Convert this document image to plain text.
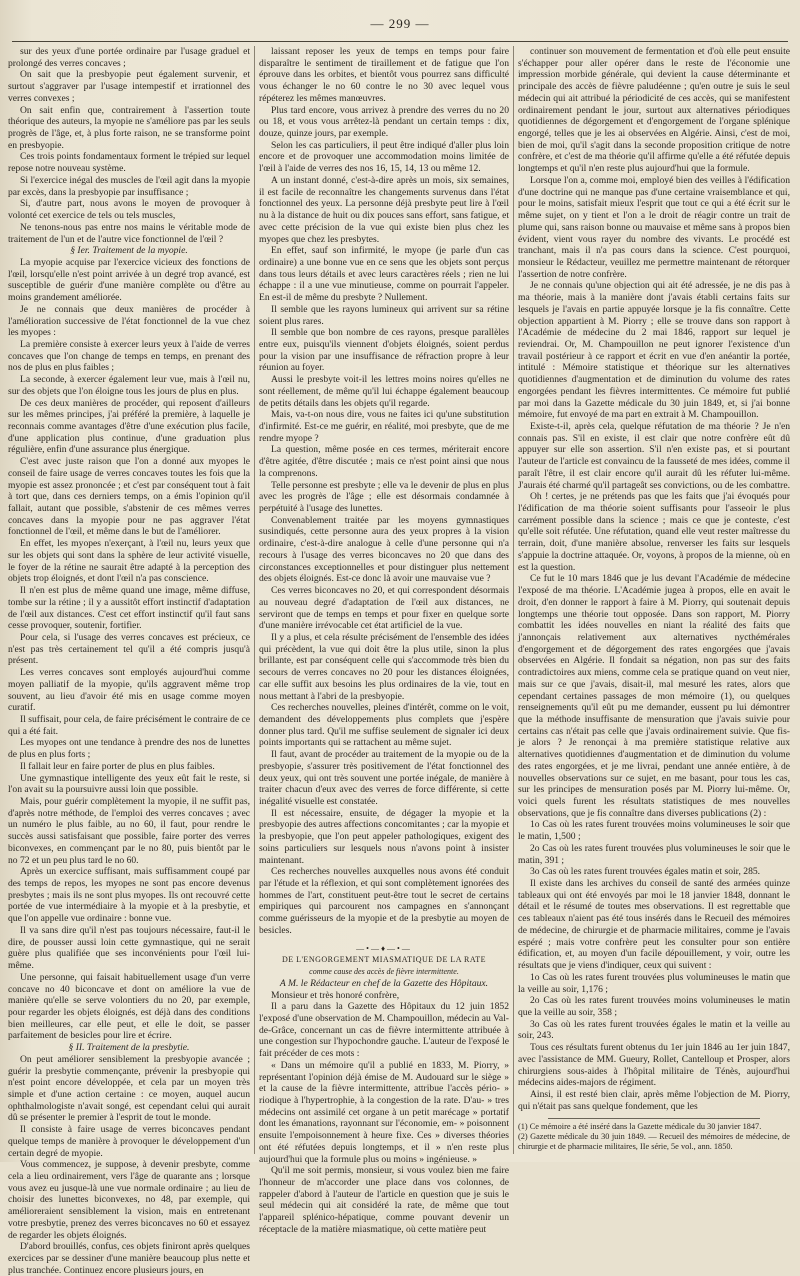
— 299 —

sur des yeux d'une portée ordinaire par l'usage graduel et prolongé des verres concaves ;

On sait que la presbyopie peut également survenir, et surtout s'aggraver par l'usage intempestif et irrationnel des verres convexes ;

On sait enfin que, contrairement à l'assertion toute théorique des auteurs, la myopie ne s'améliore pas par les seuls progrès de l'âge, et, à plus forte raison, ne se transforme point en presbyopie.

Ces trois points fondamentaux forment le trépied sur lequel repose notre nouveau système.

Si l'exercice inégal des muscles de l'œil agit dans la myopie par excès, dans la presbyopie par insuffisance ;

Si, d'autre part, nous avons le moyen de provoquer à volonté cet exercice de tels ou tels muscles,

Ne tenons-nous pas entre nos mains le véritable mode de traitement de l'un et de l'autre vice fonctionnel de l'œil ?

§ Ier. Traitement de la myopie.

La myopie acquise par l'exercice vicieux des fonctions de l'œil, lorsqu'elle n'est point arrivée à un degré trop avancé, est susceptible de guérir d'une manière complète ou d'être au moins grandement améliorée.

Je ne connais que deux manières de procéder à l'amélioration successive de l'état fonctionnel de la vue chez les myopes :

La première consiste à exercer leurs yeux à l'aide de verres concaves que l'on change de temps en temps, en prenant des nos de plus en plus faibles ;

La seconde, à exercer également leur vue, mais à l'œil nu, sur des objets que l'on éloigne tous les jours de plus en plus.

De ces deux manières de procéder, qui reposent d'ailleurs sur les mêmes principes, j'ai préféré la première, à laquelle je reconnais comme avantages d'être d'une exécution plus facile, d'une application plus continue, d'une graduation plus régulière, enfin d'une assurance plus énergique.

C'est avec juste raison que l'on a donné aux myopes le conseil de faire usage de verres concaves toutes les fois que la myopie est assez prononcée ; et c'est par conséquent tout à fait à tort que, dans ces derniers temps, on a émis l'opinion qu'il fallait, autant que possible, s'abstenir de ces mêmes verres concaves dans la myopie pour ne pas aggraver l'état fonctionnel de l'œil, et même dans le but de l'améliorer.

En effet, les myopes n'exerçant, à l'œil nu, leurs yeux que sur les objets qui sont dans la sphère de leur activité visuelle, le foyer de la rétine ne saurait être adapté à la perception des objets trop éloignés, et dont l'œil n'a pas conscience.

Il n'en est plus de même quand une image, même diffuse, tombe sur la rétine ; il y a aussitôt effort instinctif d'adaptation de l'œil aux distances. C'est cet effort instinctif qu'il faut sans cesse provoquer, soutenir, fortifier.

Pour cela, si l'usage des verres concaves est précieux, ce n'est pas très certainement tel qu'il a été compris jusqu'à présent.

Les verres concaves sont employés aujourd'hui comme moyen palliatif de la myopie, qu'ils aggravent même trop souvent, au lieu d'avoir été mis en usage comme moyen curatif.

Il suffisait, pour cela, de faire précisément le contraire de ce qui a été fait.

Les myopes ont une tendance à prendre des nos de lunettes de plus en plus forts ;

Il fallait leur en faire porter de plus en plus faibles.

Une gymnastique intelligente des yeux eût fait le reste, si l'on avait su la poursuivre aussi loin que possible.

Mais, pour guérir complètement la myopie, il ne suffit pas, d'après notre méthode, de l'emploi des verres concaves ; avec un numéro le plus faible, au no 60, il faut, pour rendre le succès aussi satisfaisant que possible, faire porter des verres biconvexes, en commençant par le no 80, puis bientôt par le no 72 et un peu plus tard le no 60.

Après un exercice suffisant, mais suffisamment coupé par des temps de repos, les myopes ne sont pas encore devenus presbytes ; mais ils ne sont plus myopes. Ils ont recouvré cette portée de vue intermédiaire à la myopie et à la presbytie, et que l'on appelle vue ordinaire : bonne vue.

Il va sans dire qu'il n'est pas toujours nécessaire, faut-il le dire, de pousser aussi loin cette gymnastique, qui ne serait guère plus qualifiée que ses inconvénients pour l'œil lui-même.

Une personne, qui faisait habituellement usage d'un verre concave no 40 biconcave et dont on améliore la vue de manière qu'elle se serve volontiers du no 20, par exemple, pour regarder les objets éloignés, est déjà dans des conditions bien meilleures, car elle peut, et elle le doit, se passer parfaitement de besicles pour lire et écrire.

§ II. Traitement de la presbytie.

On peut améliorer sensiblement la presbyopie avancée ; guérir la presbytie commençante, prévenir la presbyopie qui n'est point encore développée, et cela par un moyen très simple et d'une action certaine : ce moyen, auquel aucun ophthalmologiste n'avait songé, est cependant celui qui aurait dû se présenter le premier à l'esprit de tout le monde.

Il consiste à faire usage de verres biconcaves pendant quelque temps de manière à provoquer le développement d'un certain degré de myopie.

Vous commencez, je suppose, à devenir presbyte, comme cela a lieu ordinairement, vers l'âge de quarante ans ; lorsque vous avez eu jusque-là une vue normale ordinaire ; au lieu de choisir des lunettes biconvexes, no 48, par exemple, qui amélioreraient sensiblement la vision, mais en entretenant votre presbytie, prenez des verres biconcaves no 60 et essayez de regarder les objets éloignés.

D'abord brouillés, confus, ces objets finiront après quelques exercices par se dessiner d'une manière beaucoup plus nette et plus tranchée. Continuez encore plusieurs jours, en

laissant reposer les yeux de temps en temps pour faire disparaître le sentiment de tiraillement et de fatigue que l'on éprouve dans les orbites, et bientôt vous pourrez sans difficulté vous échanger le no 60 contre le no 30 avec lequel vous répéterez les mêmes manœuvres.

Plus tard encore, vous arrivez à prendre des verres du no 20 ou 18, et vous vous arrêtez-là pendant un certain temps : dix, douze, quinze jours, par exemple.

Selon les cas particuliers, il peut être indiqué d'aller plus loin encore et de provoquer une accommodation moins limitée de l'œil à l'aide de verres des nos 16, 15, 14, 13 ou même 12.

A un instant donné, c'est-à-dire après un mois, six semaines, il est facile de reconnaître les changements survenus dans l'état fonctionnel des yeux. La personne déjà presbyte peut lire à l'œil nu à la distance de huit ou dix pouces sans effort, sans fatigue, et avec cette précision de la vue qui existe bien plus chez les myopes que chez les presbytes.

En effet, sauf son infirmité, le myope (je parle d'un cas ordinaire) a une bonne vue en ce sens que les objets sont perçus dans tous leurs détails et avec leurs caractères réels ; rien ne lui échappe : il a une vue minutieuse, comme on pourrait l'appeler. En est-il de même du presbyte ? Nullement.

Il semble que les rayons lumineux qui arrivent sur sa rétine soient plus rares.

Il semble que bon nombre de ces rayons, presque parallèles entre eux, puisqu'ils viennent d'objets éloignés, soient perdus pour la vision par une insuffisance de réfraction propre à leur réunion au foyer.

Aussi le presbyte voit-il les lettres moins noires qu'elles ne sont réellement, de même qu'il lui échappe également beaucoup de petits détails dans les objets qu'il regarde.

Mais, va-t-on nous dire, vous ne faites ici qu'une substitution d'infirmité. Est-ce me guérir, en réalité, moi presbyte, que de me rendre myope ?

La question, même posée en ces termes, mériterait encore d'être agitée, d'être discutée ; mais ce n'est point ainsi que nous la comprenons.

Telle personne est presbyte ; elle va le devenir de plus en plus avec les progrès de l'âge ; elle est désormais condamnée à perpétuité à l'usage des lunettes.

Convenablement traitée par les moyens gymnastiques susindiqués, cette personne aura des yeux propres à la vision ordinaire, c'est-à-dire analogue à celle d'une personne qui n'a recours à l'usage des verres biconcaves no 20 que dans des circonstances exceptionnelles et pour distinguer plus nettement des objets éloignés. Est-ce donc là avoir une mauvaise vue ?

Ces verres biconcaves no 20, et qui correspondent désormais au nouveau degré d'adaptation de l'œil aux distances, ne serviront que de temps en temps et pour fixer en quelque sorte d'une manière irrévocable cet état artificiel de la vue.

Il y a plus, et cela résulte précisément de l'ensemble des idées qui précèdent, la vue qui doit être la plus utile, sinon la plus brillante, est par conséquent celle qui s'accommode très bien du secours de verres concaves no 20 pour les distances éloignées, car elle suffit aux besoins les plus ordinaires de la vie, tout en nous mettant à l'abri de la presbyopie.

Ces recherches nouvelles, pleines d'intérêt, comme on le voit, demandent des développements plus complets que j'espère donner plus tard. Qu'il me suffise seulement de signaler ici deux points importants qui se rattachent au même sujet.

Il faut, avant de procéder au traitement de la myopie ou de la presbyopie, s'assurer très positivement de l'état fonctionnel des deux yeux, qui ont très souvent une portée inégale, de manière à traiter chacun d'eux avec des verres de force différente, si cette inégalité visuelle est constatée.

Il est nécessaire, ensuite, de dégager la myopie et la presbyopie des autres affections concomitantes ; car la myopie et la presbyopie, que l'on peut appeler pathologiques, exigent des soins particuliers sur lesquels nous n'avons point à insister maintenant.

Ces recherches nouvelles auxquelles nous avons été conduit par l'étude et la réflexion, et qui sont complètement ignorées des hommes de l'art, constituent peut-être tout le secret de certains empiriques qui parcourent nos campagnes en s'annonçant comme guérisseurs de la myopie et de la presbytie au moyen de besicles.

—•—♦—•—

DE L'ENGORGEMENT MIASMATIQUE DE LA RATE

comme cause des accès de fièvre intermittente.

A M. le Rédacteur en chef de la Gazette des Hôpitaux.

Monsieur et très honoré confrère,

Il a paru dans la Gazette des Hôpitaux du 12 juin 1852 l'exposé d'une observation de M. Champouillon, médecin au Val-de-Grâce, concernant un cas de fièvre intermittente attribuée à une congestion sur l'hypochondre gauche. L'auteur de l'exposé le fait précéder de ces mots :

« Dans un mémoire qu'il a publié en 1833, M. Piorry, » représentant l'opinion déjà émise de M. Audouard sur le siège » et la cause de la fièvre intermittente, attribue l'accès pério- » riodique à l'hypertrophie, à la congestion de la rate. D'au- » tres médecins ont assimilé cet organe à un petit marécage » portatif dont les émanations, rayonnant sur l'économie, em- » poisonnent ensuite l'empoisonnement à heure fixe. Ces » diverses théories ont été réfutées depuis longtemps, et il » n'en reste plus aujourd'hui que la formule plus ou moins » ingénieuse. »

Qu'il me soit permis, monsieur, si vous voulez bien me faire l'honneur de m'accorder une place dans vos colonnes, de rappeler d'abord à l'auteur de l'article en question que je suis le seul médecin qui ait considéré la rate, de même que tout l'appareil splénico-hépatique, comme pouvant devenir un réceptacle de la matière miasmatique, où cette matière peut

continuer son mouvement de fermentation et d'où elle peut ensuite s'échapper pour aller opérer dans le reste de l'économie une impression morbide générale, qui devient la cause déterminante et principale des accès de fièvre paludéenne ; qu'en outre je suis le seul médecin qui ait attribué la périodicité de ces accès, qui se manifestent ordinairement pendant le jour, surtout aux alternatives périodiques quotidiennes de dégorgement et d'engorgement de l'organe splénique engorgé, telles que je les ai observées en Algérie. Ainsi, c'est de moi, bien de moi, qu'il s'agit dans la seconde proposition critique de notre confrère, et c'est de ma théorie qu'il affirme qu'elle a été réfutée depuis longtemps et qu'il n'en reste plus aujourd'hui que la formule.

Lorsque l'on a, comme moi, employé bien des veilles à l'édification d'une doctrine qui ne manque pas d'une certaine vraisemblance et qui, pour le moins, satisfait mieux l'esprit que tout ce qui a été écrit sur le même sujet, on y tient et l'on a le droit de réagir contre un trait de plume qui, sans raison bonne ou mauvaise et même sans à propos bien évident, vient vous rayer du nombre des vivants. Le procédé est tranchant, mais il n'a pas cours dans la science. C'est pourquoi, monsieur le Rédacteur, veuillez me permettre maintenant de rétorquer l'assertion de notre confrère.

Je ne connais qu'une objection qui ait été adressée, je ne dis pas à ma théorie, mais à la manière dont j'avais établi certains faits sur lesquels je l'avais en partie appuyée lorsque je la fis connaître. Cette objection appartient à M. Piorry ; elle se trouve dans son rapport à l'Académie de médecine du 2 mai 1846, rapport sur lequel je reviendrai. Or, M. Champouillon ne peut ignorer l'existence d'un travail postérieur à ce rapport et écrit en vue d'en anéantir la portée, intitulé : Mémoire statistique et théorique sur les alternatives quotidiennes d'augmentation et de diminution du volume des rates engorgées pendant les fièvres intermittentes. Ce mémoire fut publié par moi dans la Gazette médicale du 30 juin 1849, et, si j'ai bonne mémoire, fut envoyé de ma part en extrait à M. Champouillon.

Existe-t-il, après cela, quelque réfutation de ma théorie ? Je n'en connais pas. S'il en existe, il est clair que notre confrère eût dû appuyer sur elle son assertion. S'il n'en existe pas, et si pourtant l'auteur de l'article est convaincu de la fausseté de mes idées, comme il paraît l'être, il est clair encore qu'il aurait dû les réfuter lui-même. J'aurais été charmé qu'il partageât ses convictions, ou de les combattre.

Oh ! certes, je ne prétends pas que les faits que j'ai évoqués pour l'édification de ma théorie soient suffisants pour l'asseoir le plus carrément possible dans la science ; mais ce que je conteste, c'est qu'elle soit réfutée. Une réfutation, quand elle veut rester maîtresse du terrain, doit, d'une manière absolue, renverser les faits sur lesquels s'appuie la doctrine attaquée. Or, voyons, à propos de la mienne, où en est la question.

Ce fut le 10 mars 1846 que je lus devant l'Académie de médecine l'exposé de ma théorie. L'Académie jugea à propos, elle en avait le droit, d'en donner le rapport à faire à M. Piorry, qui soutenait depuis longtemps une théorie tout opposée. Dans son rapport, M. Piorry combattit les idées nouvelles en niant la réalité des faits que j'annonçais relativement aux alternatives nycthémérales d'engorgement et de dégorgement des rates engorgées que j'avais observées en Algérie. Il fondait sa négation, non pas sur des faits contradictoires aux miens, comme cela se pratique quand on veut nier, mais sur ce que j'avais, disait-il, mal mesuré les rates, alors que cependant certaines passages de mon mémoire (1), ou quelques renseignements qu'il eût pu me demander, eussent pu lui démontrer que la méthode insuffisante de mensuration que j'avais suivie pour certains cas n'était pas celle que j'avais ordinairement suivie. Que fis-je alors ? Je renonçai à ma première statistique relative aux alternatives quotidiennes d'augmentation et de diminution du volume des rates engorgées, et je me livrai, pendant une année entière, à de nouvelles observations sur ce sujet, en me basant, pour tous les cas, sur les principes de mensuration posés par M. Piorry lui-même. Or, voici quels furent les résultats statistiques de mes nouvelles observations, que je fis connaître dans diverses publications (2) :

1o Cas où les rates furent trouvées moins volumineuses le soir que le matin, 1,500 ;

2o Cas où les rates furent trouvées plus volumineuses le soir que le matin, 391 ;

3o Cas où les rates furent trouvées égales matin et soir, 285.

Il existe dans les archives du conseil de santé des armées quinze tableaux qui ont été envoyés par moi le 18 janvier 1848, donnant le détail et le résumé de toutes mes observations. Il est regrettable que ces tableaux n'aient pas été tous insérés dans le Recueil des mémoires de médecine, de chirurgie et de pharmacie militaires, comme je l'avais espéré ; mais votre confrère peut les consulter pour son entière édification, et, au moyen d'un facile dépouillement, y voir, outre les résultats que je viens d'indiquer, ceux qui suivent :

1o Cas où les rates furent trouvées plus volumineuses le matin que la veille au soir, 1,176 ;

2o Cas où les rates furent trouvées moins volumineuses le matin que la veille au soir, 358 ;

3o Cas où les rates furent trouvées égales le matin et la veille au soir, 243.

Tous ces résultats furent obtenus du 1er juin 1846 au 1er juin 1847, avec l'assistance de MM. Gueury, Rollet, Cantelloup et Prosper, alors chirurgiens sous-aides à l'hôpital militaire de Ténès, aujourd'hui médecins aides-majors de régiment.

Ainsi, il est resté bien clair, après même l'objection de M. Piorry, qui n'était pas sans quelque fondement, que les

(1) Ce mémoire a été inséré dans la Gazette médicale du 30 janvier 1847.

(2) Gazette médicale du 30 juin 1849. — Recueil des mémoires de médecine, de chirurgie et de pharmacie militaires, IIe série, 5e vol., ann. 1850.
